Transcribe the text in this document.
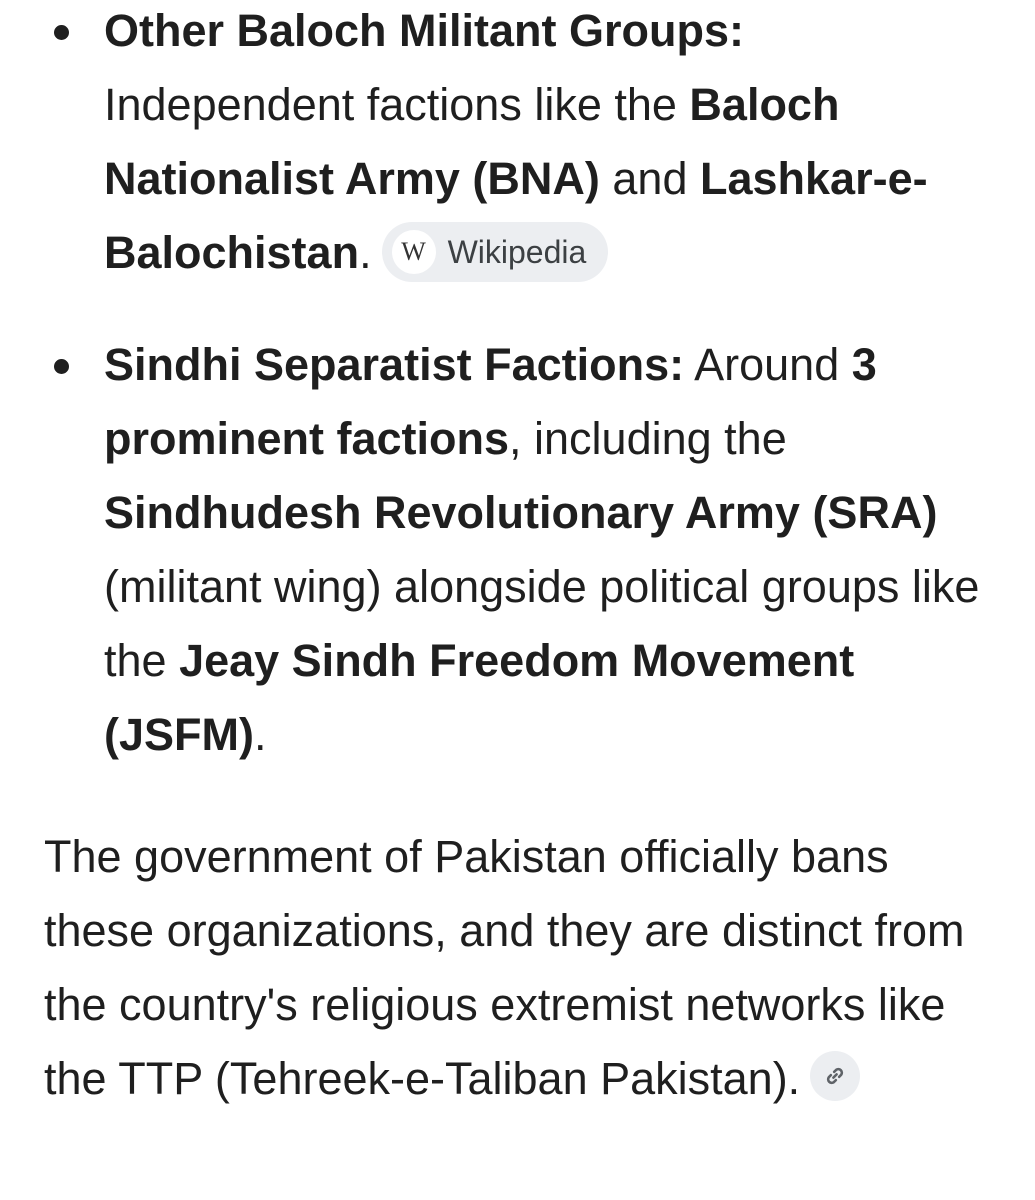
Other Baloch Militant Groups: Independent factions like the Baloch Nationalist Army (BNA) and Lashkar-e-Balochistan.	W Wikipedia
Sindhi Separatist Factions: Around 3 prominent factions, including the Sindhudesh Revolutionary Army (SRA) (militant wing) alongside political groups like the Jeay Sindh Freedom Movement (JSFM).

The government of Pakistan officially bans these organizations, and they are distinct from the country's religious extremist networks like the TTP (Tehreek-e-Taliban Pakistan).
